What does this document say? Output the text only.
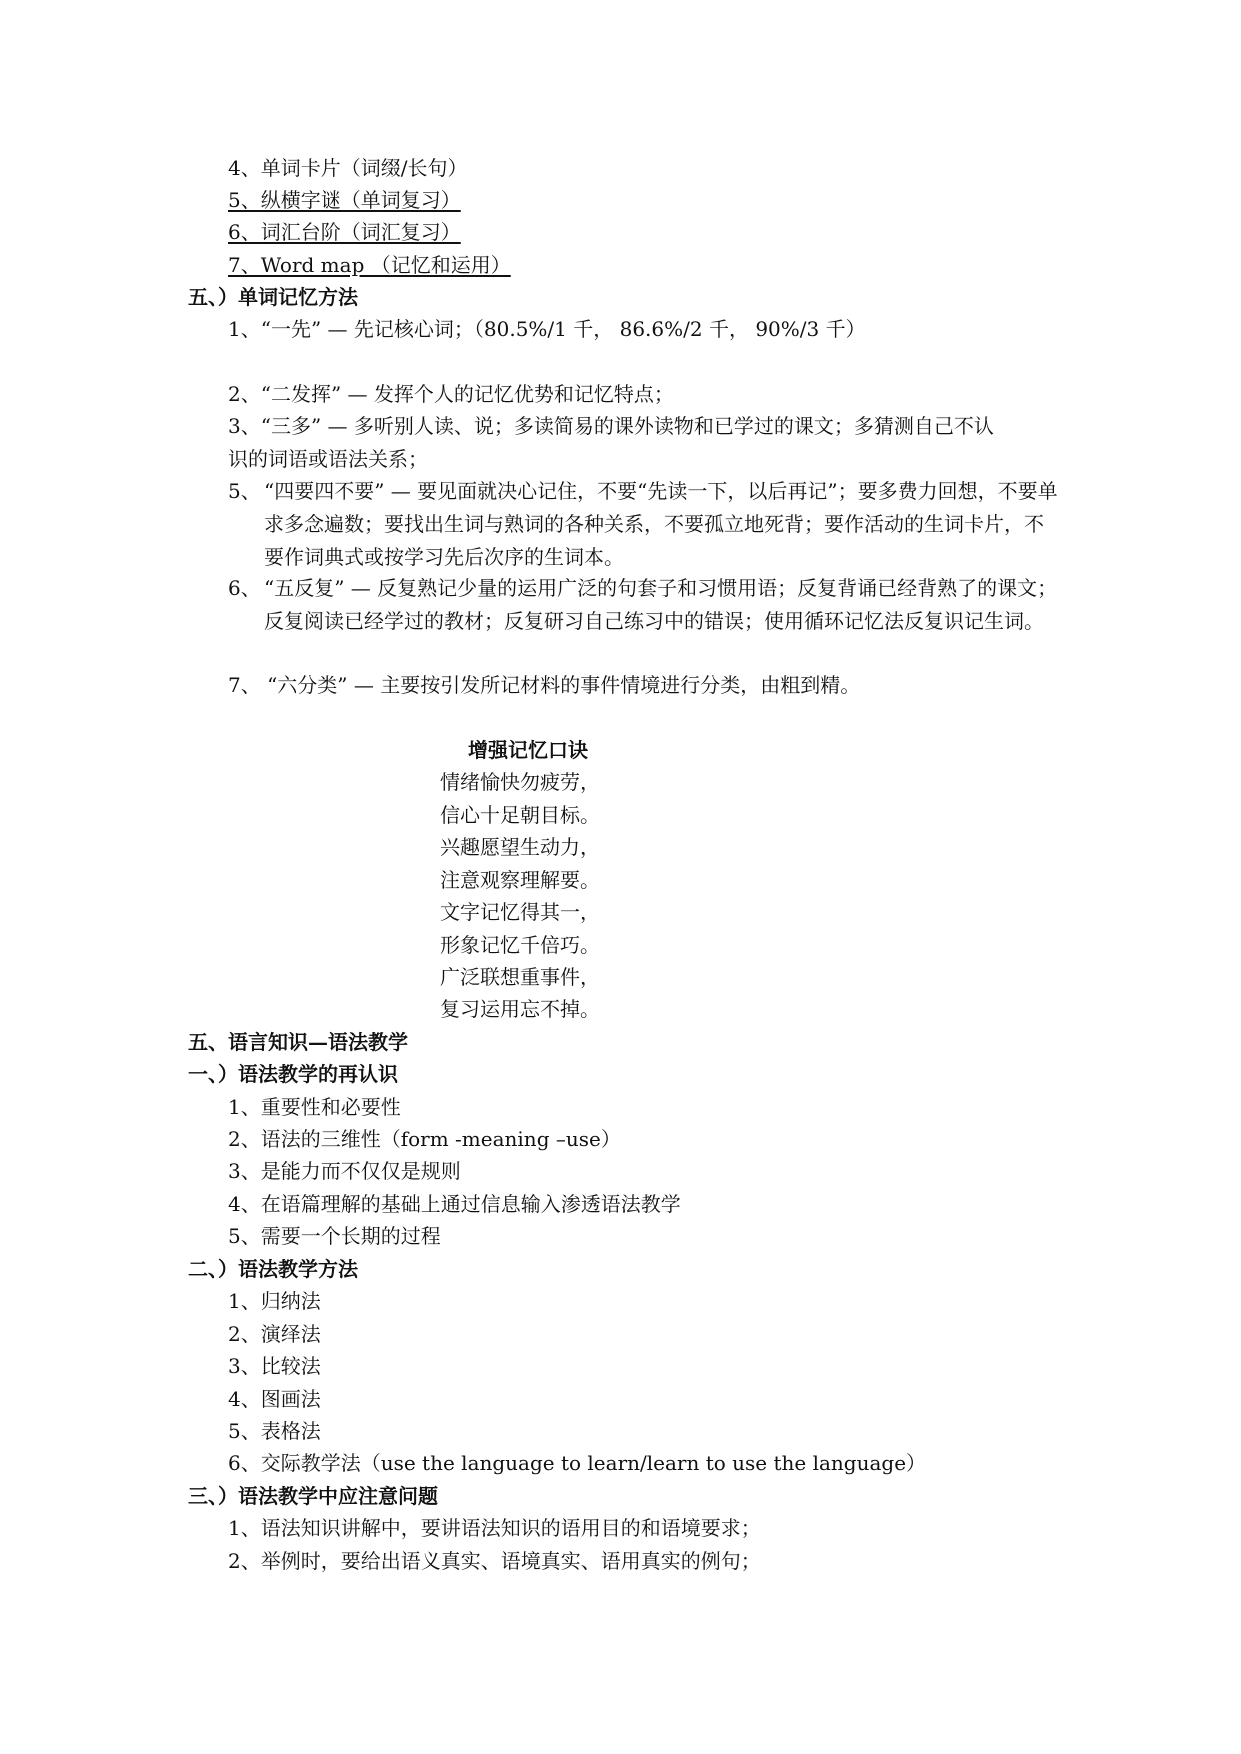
4、单词卡片（词缀/长句）
5、纵横字谜（单词复习）
6、词汇台阶（词汇复习）
7、Word map （记忆和运用）
五、）单词记忆方法
1、“一先” — 先记核心词；（80.5%/1 千， 86.6%/2 千， 90%/3 千）
2、“二发挥” — 发挥个人的记忆优势和记忆特点；
3、“三多” — 多听别人读、说；多读简易的课外读物和已学过的课文；多猜测自己不认
识的词语或语法关系；
5、 “四要四不要” — 要见面就决心记住，不要“先读一下，以后再记”；要多费力回想，不要单求多念遍数；要找出生词与熟词的各种关系，不要孤立地死背；要作活动的生词卡片，不要作词典式或按学习先后次序的生词本。
6、 “五反复” — 反复熟记少量的运用广泛的句套子和习惯用语；反复背诵已经背熟了的课文；反复阅读已经学过的教材；反复研习自己练习中的错误；使用循环记忆法反复识记生词。
7、 “六分类” — 主要按引发所记材料的事件情境进行分类，由粗到精。
增强记忆口诀
情绪愉快勿疲劳，
信心十足朝目标。
兴趣愿望生动力，
注意观察理解要。
文字记忆得其一，
形象记忆千倍巧。
广泛联想重事件，
复习运用忘不掉。
五、语言知识—语法教学
一、）语法教学的再认识
1、重要性和必要性
2、语法的三维性（form -meaning –use）
3、是能力而不仅仅是规则
4、在语篇理解的基础上通过信息输入渗透语法教学
5、需要一个长期的过程
二、）语法教学方法
1、归纳法
2、演绎法
3、比较法
4、图画法
5、表格法
6、交际教学法（use the language to learn/learn to use the language）
三、）语法教学中应注意问题
1、语法知识讲解中，要讲语法知识的语用目的和语境要求；
2、举例时，要给出语义真实、语境真实、语用真实的例句；
